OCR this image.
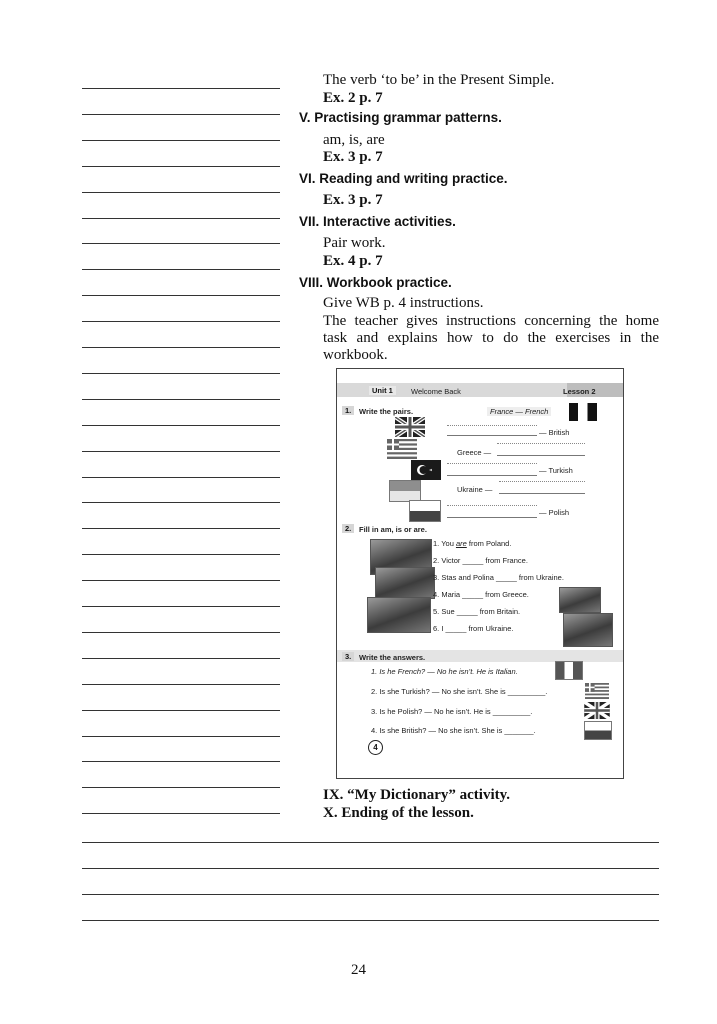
The verb ‘to be’ in the Present Simple.
Ex. 2 p. 7
V. Practising grammar patterns.
am, is, are
Ex. 3 p. 7
VI. Reading and writing practice.
Ex. 3 p. 7
VII. Interactive activities.
Pair work.
Ex. 4 p. 7
VIII. Workbook practice.
Give WB p. 4 instructions.
The teacher gives instructions concerning the home task and explains how to do the exercises in the workbook.
Unit 1	Welcome Back	Lesson 2
1.	Write the pairs.	France — French
— British
Greece —
— Turkish
Ukraine —
— Polish
2.	Fill in am, is or are.
1. You are from Poland.
2. Victor _____ from France.
3. Stas and Polina _____ from Ukraine.
4. Maria _____ from Greece.
5. Sue _____ from Britain.
6. I _____ from Ukraine.
3.	Write the answers.
1. Is he French? — No he isn’t. He is Italian.
2. Is she Turkish? — No she isn’t. She is _________.
3. Is he Polish? — No he isn’t. He is _________.
4. Is she British? — No she isn’t. She is _______.
4
IX. “My Dictionary” activity.
X. Ending of the lesson.
24
